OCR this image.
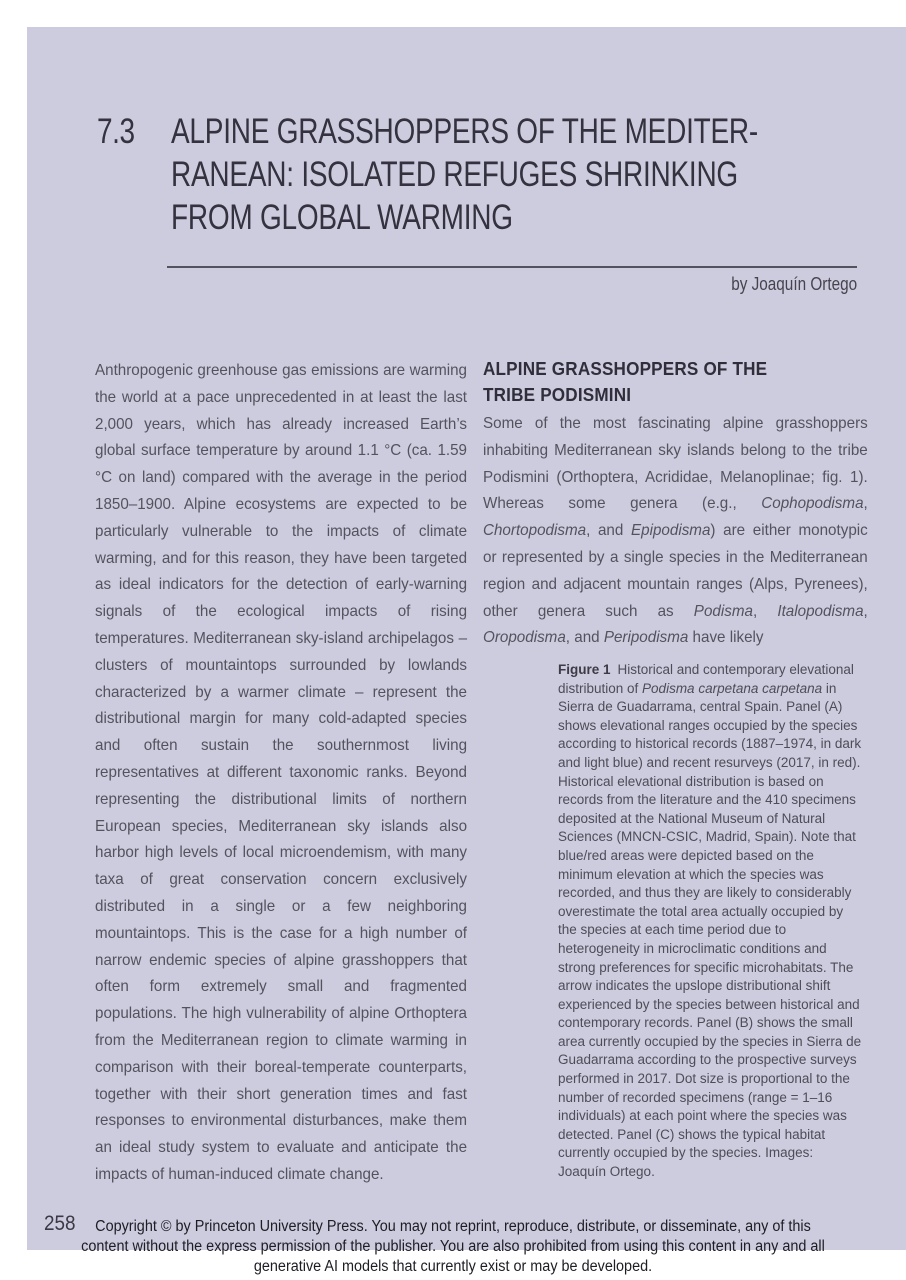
7.3	ALPINE GRASSHOPPERS OF THE MEDITER-
RANEAN: ISOLATED REFUGES SHRINKING
FROM GLOBAL WARMING
by Joaquín Ortego

Anthropogenic greenhouse gas emissions are warming the world at a pace unprecedented in at least the last 2,000 years, which has already increased Earth’s global surface temperature by around 1.1 °C (ca. 1.59 °C on land) compared with the average in the period 1850–1900. Alpine ecosystems are expected to be particularly vulnerable to the impacts of climate warming, and for this reason, they have been targeted as ideal indicators for the detection of early-warning signals of the ecological impacts of rising temperatures. Mediterranean sky-island archipelagos – clusters of mountaintops surrounded by lowlands characterized by a warmer climate – represent the distributional margin for many cold-adapted species and often sustain the southernmost living representatives at different taxonomic ranks. Beyond representing the distributional limits of northern European species, Mediterranean sky islands also harbor high levels of local microendemism, with many taxa of great conservation concern exclusively distributed in a single or a few neighboring mountaintops. This is the case for a high number of narrow endemic species of alpine grasshoppers that often form extremely small and fragmented populations. The high vulnerability of alpine Orthoptera from the Mediterranean region to climate warming in comparison with their boreal-temperate counterparts, together with their short generation times and fast responses to environmental disturbances, make them an ideal study system to evaluate and anticipate the impacts of human-induced climate change.

ALPINE GRASSHOPPERS OF THE
TRIBE PODISMINI

Some of the most fascinating alpine grasshoppers inhabiting Mediterranean sky islands belong to the tribe Podismini (Orthoptera, Acrididae, Melanoplinae; fig. 1). Whereas some genera (e.g., Cophopodisma, Chortopodisma, and Epipodisma) are either monotypic or represented by a single species in the Mediterranean region and adjacent mountain ranges (Alps, Pyrenees), other genera such as Podisma, Italopodisma, Oropodisma, and Peripodisma have likely

Figure 1 Historical and contemporary elevational distribution of Podisma carpetana carpetana in Sierra de Guadarrama, central Spain. Panel (A) shows elevational ranges occupied by the species according to historical records (1887–1974, in dark and light blue) and recent resurveys (2017, in red). Historical elevational distribution is based on records from the literature and the 410 specimens deposited at the National Museum of Natural Sciences (MNCN-CSIC, Madrid, Spain). Note that blue/red areas were depicted based on the minimum elevation at which the species was recorded, and thus they are likely to considerably overestimate the total area actually occupied by the species at each time period due to heterogeneity in microclimatic conditions and strong preferences for specific microhabitats. The arrow indicates the upslope distributional shift experienced by the species between historical and contemporary records. Panel (B) shows the small area currently occupied by the species in Sierra de Guadarrama according to the prospective surveys performed in 2017. Dot size is proportional to the number of recorded specimens (range = 1–16 individuals) at each point where the species was detected. Panel (C) shows the typical habitat currently occupied by the species. Images: Joaquín Ortego.
258	Copyright © by Princeton University Press. You may not reprint, reproduce, distribute, or disseminate, any of this content without the express permission of the publisher. You are also prohibited from using this content in any and all generative AI models that currently exist or may be developed.
